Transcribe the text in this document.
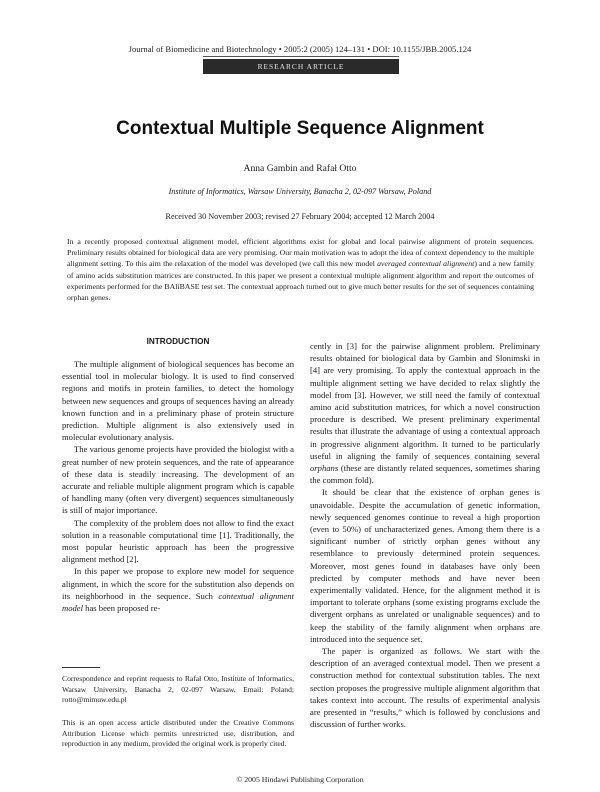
Journal of Biomedicine and Biotechnology • 2005:2 (2005) 124–131 • DOI: 10.1155/JBB.2005.124
RESEARCH ARTICLE
Contextual Multiple Sequence Alignment
Anna Gambin and Rafał Otto
Institute of Informatics, Warsaw University, Banacha 2, 02-097 Warsaw, Poland
Received 30 November 2003; revised 27 February 2004; accepted 12 March 2004
In a recently proposed contextual alignment model, efficient algorithms exist for global and local pairwise alignment of protein sequences. Preliminary results obtained for biological data are very promising. Our main motivation was to adopt the idea of context dependency to the multiple alignment setting. To this aim the relaxation of the model was developed (we call this new model averaged contextual alignment) and a new family of amino acids substitution matrices are constructed. In this paper we present a contextual multiple alignment algorithm and report the outcomes of experiments performed for the BAliBASE test set. The contextual approach turned out to give much better results for the set of sequences containing orphan genes.
INTRODUCTION

The multiple alignment of biological sequences has become an essential tool in molecular biology. It is used to find conserved regions and motifs in protein families, to detect the homology between new sequences and groups of sequences having an already known function and in a preliminary phase of protein structure prediction. Multiple alignment is also extensively used in molecular evolutionary analysis.

The various genome projects have provided the biologist with a great number of new protein sequences, and the rate of appearance of these data is steadily increasing. The development of an accurate and reliable multiple alignment program which is capable of handling many (often very divergent) sequences simultaneously is still of major importance.

The complexity of the problem does not allow to find the exact solution in a reasonable computational time [1]. Traditionally, the most popular heuristic approach has been the progressive alignment method [2].

In this paper we propose to explore new model for sequence alignment, in which the score for the substitution also depends on its neighborhood in the sequence. Such contextual alignment model has been proposed re-

cently in [3] for the pairwise alignment problem. Preliminary results obtained for biological data by Gambin and Slonimski in [4] are very promising. To apply the contextual approach in the multiple alignment setting we have decided to relax slightly the model from [3]. However, we still need the family of contextual amino acid substitution matrices, for which a novel construction procedure is described. We present preliminary experimental results that illustrate the advantage of using a contextual approach in progressive alignment algorithm. It turned to be particularly useful in aligning the family of sequences containing several orphans (these are distantly related sequences, sometimes sharing the common fold).

It should be clear that the existence of orphan genes is unavoidable. Despite the accumulation of genetic information, newly sequenced genomes continue to reveal a high proportion (even to 50%) of uncharacterized genes. Among them there is a significant number of strictly orphan genes without any resemblance to previously determined protein sequences. Moreover, most genes found in databases have only been predicted by computer methods and have never been experimentally validated. Hence, for the alignment method it is important to tolerate orphans (some existing programs exclude the divergent orphans as unrelated or unalignable sequences) and to keep the stability of the family alignment when orphans are introduced into the sequence set.

The paper is organized as follows. We start with the description of an averaged contextual model. Then we present a construction method for contextual substitution tables. The next section proposes the progressive multiple alignment algorithm that takes context into account. The results of experimental analysis are presented in “results,” which is followed by conclusions and discussion of further works.

Correspondence and reprint requests to Rafał Otto, Institute of Informatics, Warsaw University, Banacha 2, 02-097 Warsaw, Email: Poland; rotto@mimuw.edu.pl
This is an open access article distributed under the Creative Commons Attribution License which permits unrestricted use, distribution, and reproduction in any medium, provided the original work is properly cited.
© 2005 Hindawi Publishing Corporation
